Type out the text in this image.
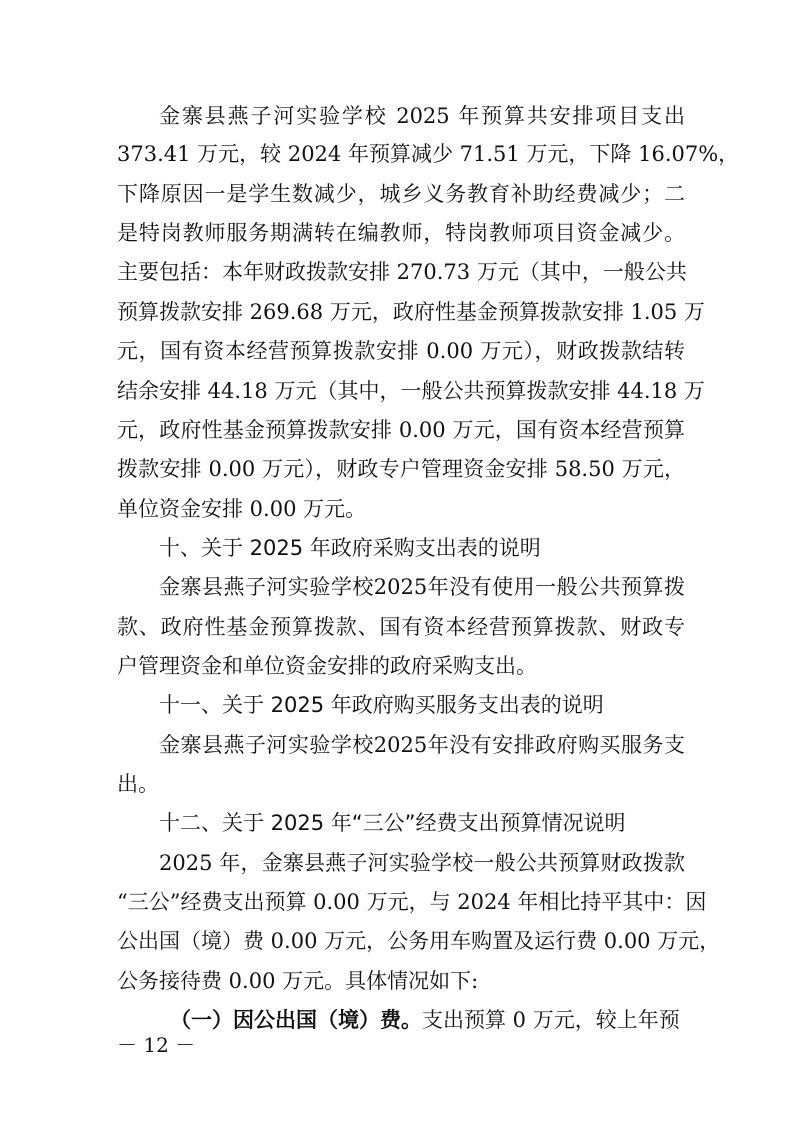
金寨县燕子河实验学校 2025 年预算共安排项目支出
373.41 万元，较 2024 年预算减少 71.51 万元，下降 16.07%，
下降原因一是学生数减少，城乡义务教育补助经费减少；二
是特岗教师服务期满转在编教师，特岗教师项目资金减少。
主要包括：本年财政拨款安排 270.73 万元（其中，一般公共
预算拨款安排 269.68 万元，政府性基金预算拨款安排 1.05 万
元，国有资本经营预算拨款安排 0.00 万元），财政拨款结转
结余安排 44.18 万元（其中，一般公共预算拨款安排 44.18 万
元，政府性基金预算拨款安排 0.00 万元，国有资本经营预算
拨款安排 0.00 万元），财政专户管理资金安排 58.50 万元，
单位资金安排 0.00 万元。
十、关于 2025 年政府采购支出表的说明
金寨县燕子河实验学校2025年没有使用一般公共预算拨
款、政府性基金预算拨款、国有资本经营预算拨款、财政专
户管理资金和单位资金安排的政府采购支出。
十一、关于 2025 年政府购买服务支出表的说明
金寨县燕子河实验学校2025年没有安排政府购买服务支
出。
十二、关于 2025 年“三公”经费支出预算情况说明
2025 年，金寨县燕子河实验学校一般公共预算财政拨款
“三公”经费支出预算 0.00 万元，与 2024 年相比持平其中：因
公出国（境）费 0.00 万元，公务用车购置及运行费 0.00 万元，
公务接待费 0.00 万元。具体情况如下:
（一）因公出国（境）费。支出预算 0 万元，较上年预
－ 12 －
